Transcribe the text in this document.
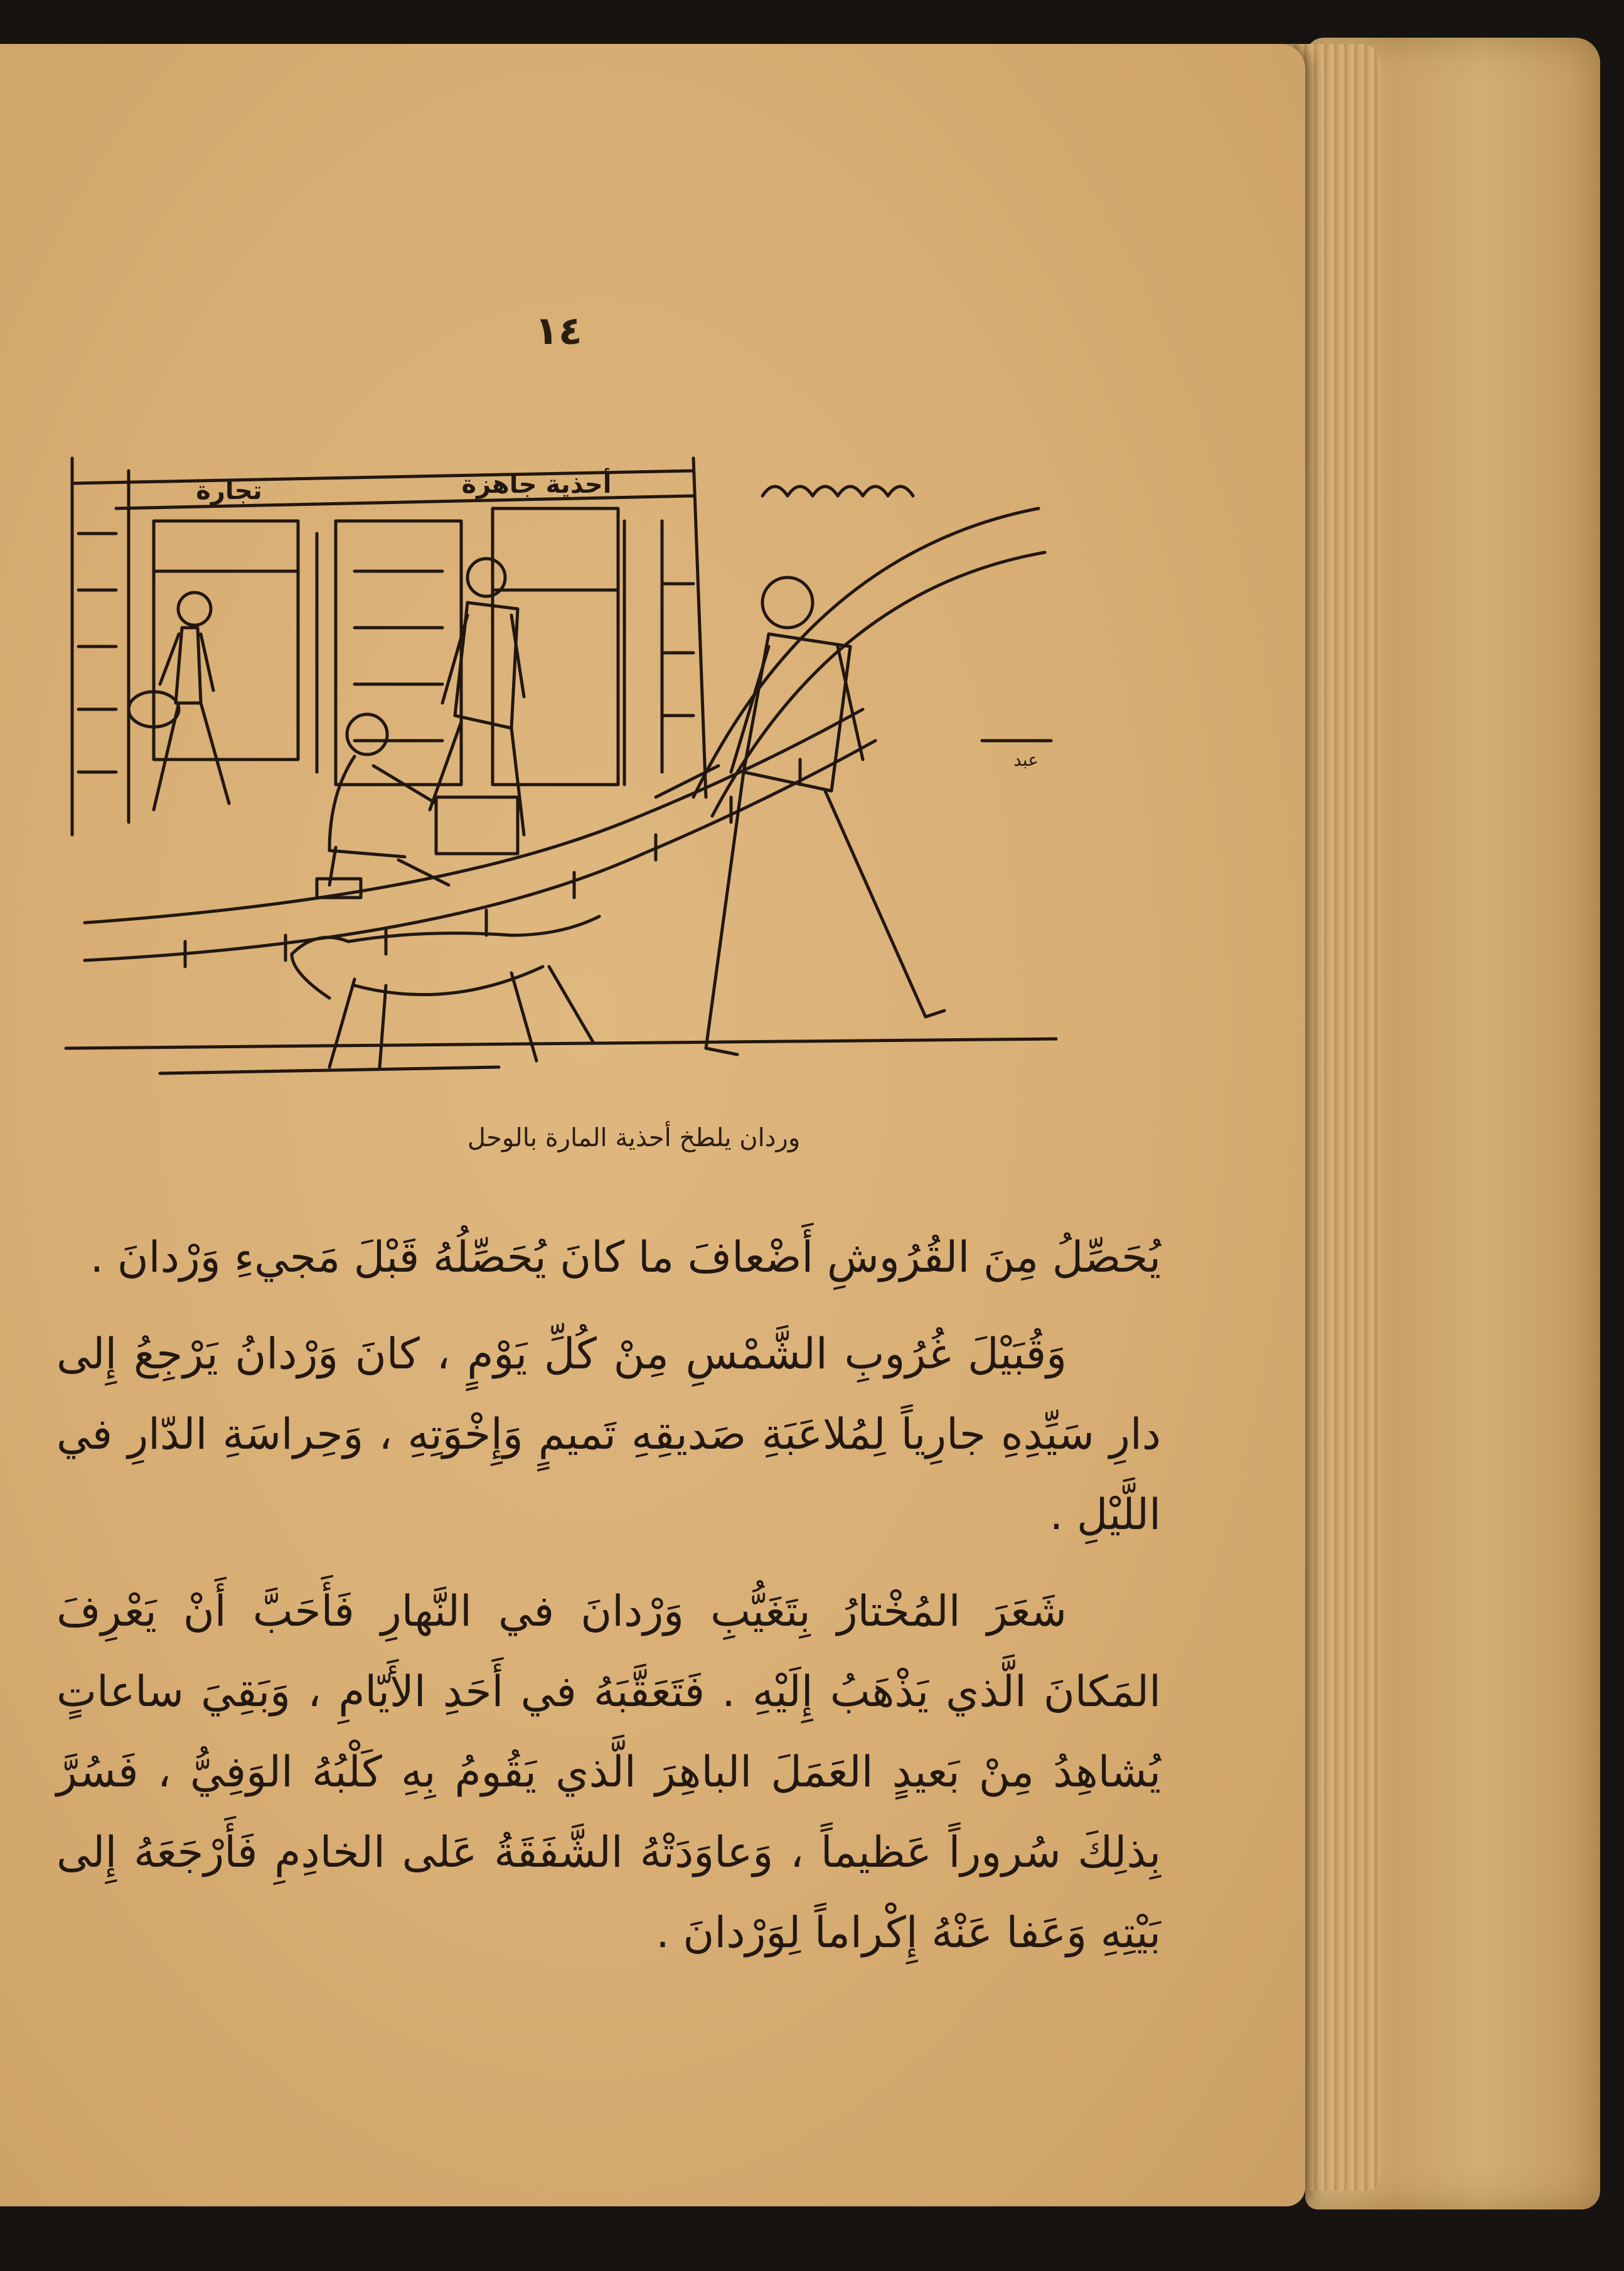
١٤
تجارة	أحذية جاهزة
عبد
وردان يلطخ أحذية المارة بالوحل

يُحَصِّلُ مِنَ القُرُوشِ أَضْعافَ ما كانَ يُحَصِّلُهُ قَبْلَ مَجيءِ وَرْدانَ .

وَقُبَيْلَ غُرُوبِ الشَّمْسِ مِنْ كُلِّ يَوْمٍ ، كانَ وَرْدانُ يَرْجِعُ إِلى دارِ سَيِّدِهِ جارِياً لِمُلاعَبَةِ صَديقِهِ تَميمٍ وَإِخْوَتِهِ ، وَحِراسَةِ الدّارِ في اللَّيْلِ .

شَعَرَ المُخْتارُ بِتَغَيُّبِ وَرْدانَ في النَّهارِ فَأَحَبَّ أَنْ يَعْرِفَ المَكانَ الَّذي يَذْهَبُ إِلَيْهِ . فَتَعَقَّبَهُ في أَحَدِ الأَيّامِ ، وَبَقِيَ ساعاتٍ يُشاهِدُ مِنْ بَعيدٍ العَمَلَ الباهِرَ الَّذي يَقُومُ بِهِ كَلْبُهُ الوَفِيُّ ، فَسُرَّ بِذلِكَ سُروراً عَظيماً ، وَعاوَدَتْهُ الشَّفَقَةُ عَلى الخادِمِ فَأَرْجَعَهُ إِلى بَيْتِهِ وَعَفا عَنْهُ إِكْراماً لِوَرْدانَ .
